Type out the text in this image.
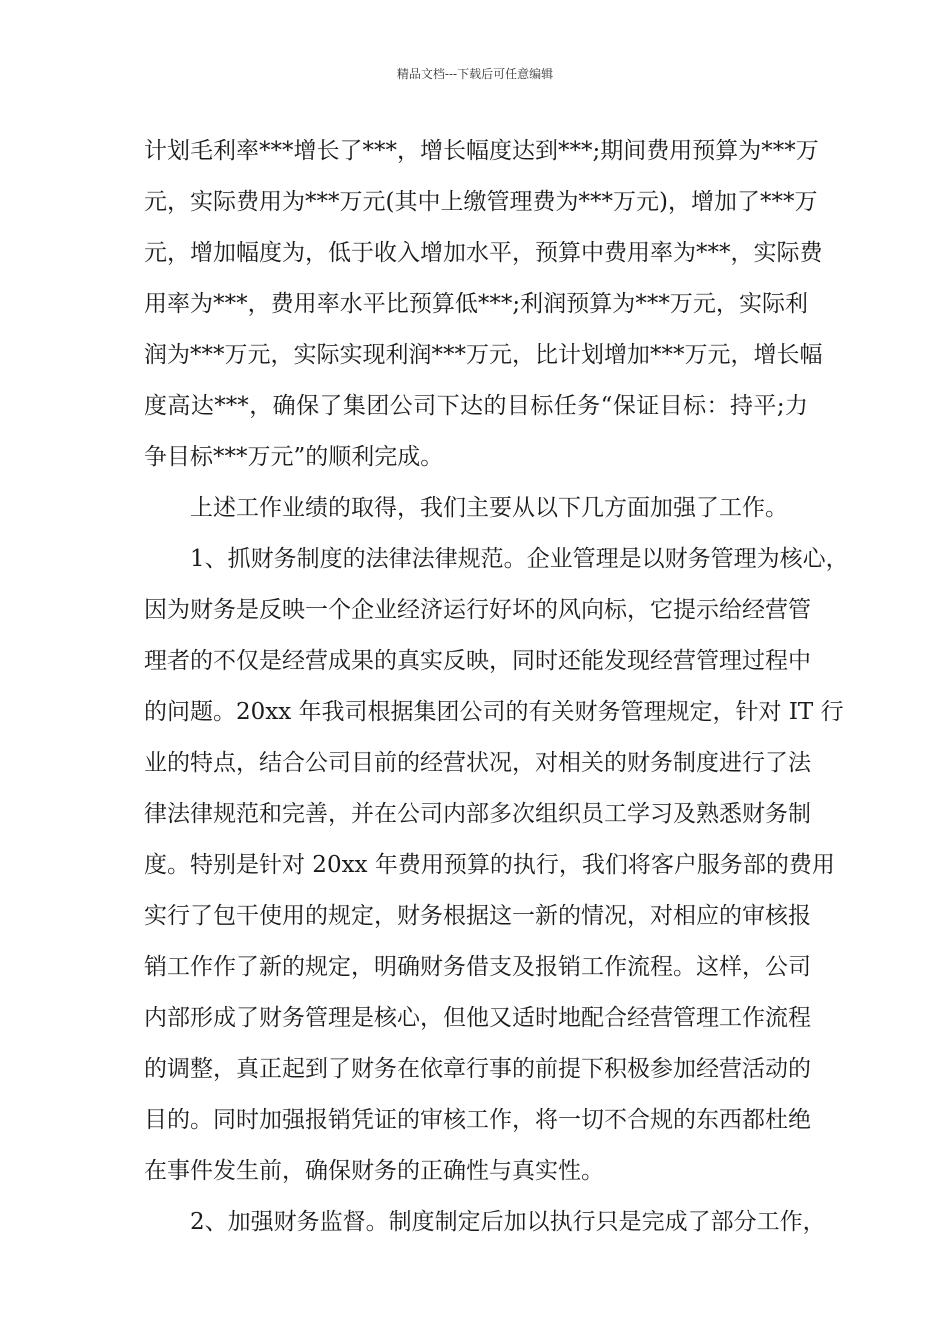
精品文档---下载后可任意编辑
计划毛利率***增长了***，增长幅度达到***;期间费用预算为***万
元，实际费用为***万元(其中上缴管理费为***万元)，增加了***万
元，增加幅度为，低于收入增加水平，预算中费用率为***，实际费
用率为***，费用率水平比预算低***;利润预算为***万元，实际利
润为***万元，实际实现利润***万元，比计划增加***万元，增长幅
度高达***，确保了集团公司下达的目标任务“保证目标：持平;力
争目标***万元”的顺利完成。
上述工作业绩的取得，我们主要从以下几方面加强了工作。
1、抓财务制度的法律法律规范。企业管理是以财务管理为核心，
因为财务是反映一个企业经济运行好坏的风向标，它提示给经营管
理者的不仅是经营成果的真实反映，同时还能发现经营管理过程中
的问题。20xx 年我司根据集团公司的有关财务管理规定，针对 IT 行
业的特点，结合公司目前的经营状况，对相关的财务制度进行了法
律法律规范和完善，并在公司内部多次组织员工学习及熟悉财务制
度。特别是针对 20xx 年费用预算的执行，我们将客户服务部的费用
实行了包干使用的规定，财务根据这一新的情况，对相应的审核报
销工作作了新的规定，明确财务借支及报销工作流程。这样，公司
内部形成了财务管理是核心，但他又适时地配合经营管理工作流程
的调整，真正起到了财务在依章行事的前提下积极参加经营活动的
目的。同时加强报销凭证的审核工作，将一切不合规的东西都杜绝
在事件发生前，确保财务的正确性与真实性。
2、加强财务监督。制度制定后加以执行只是完成了部分工作，
